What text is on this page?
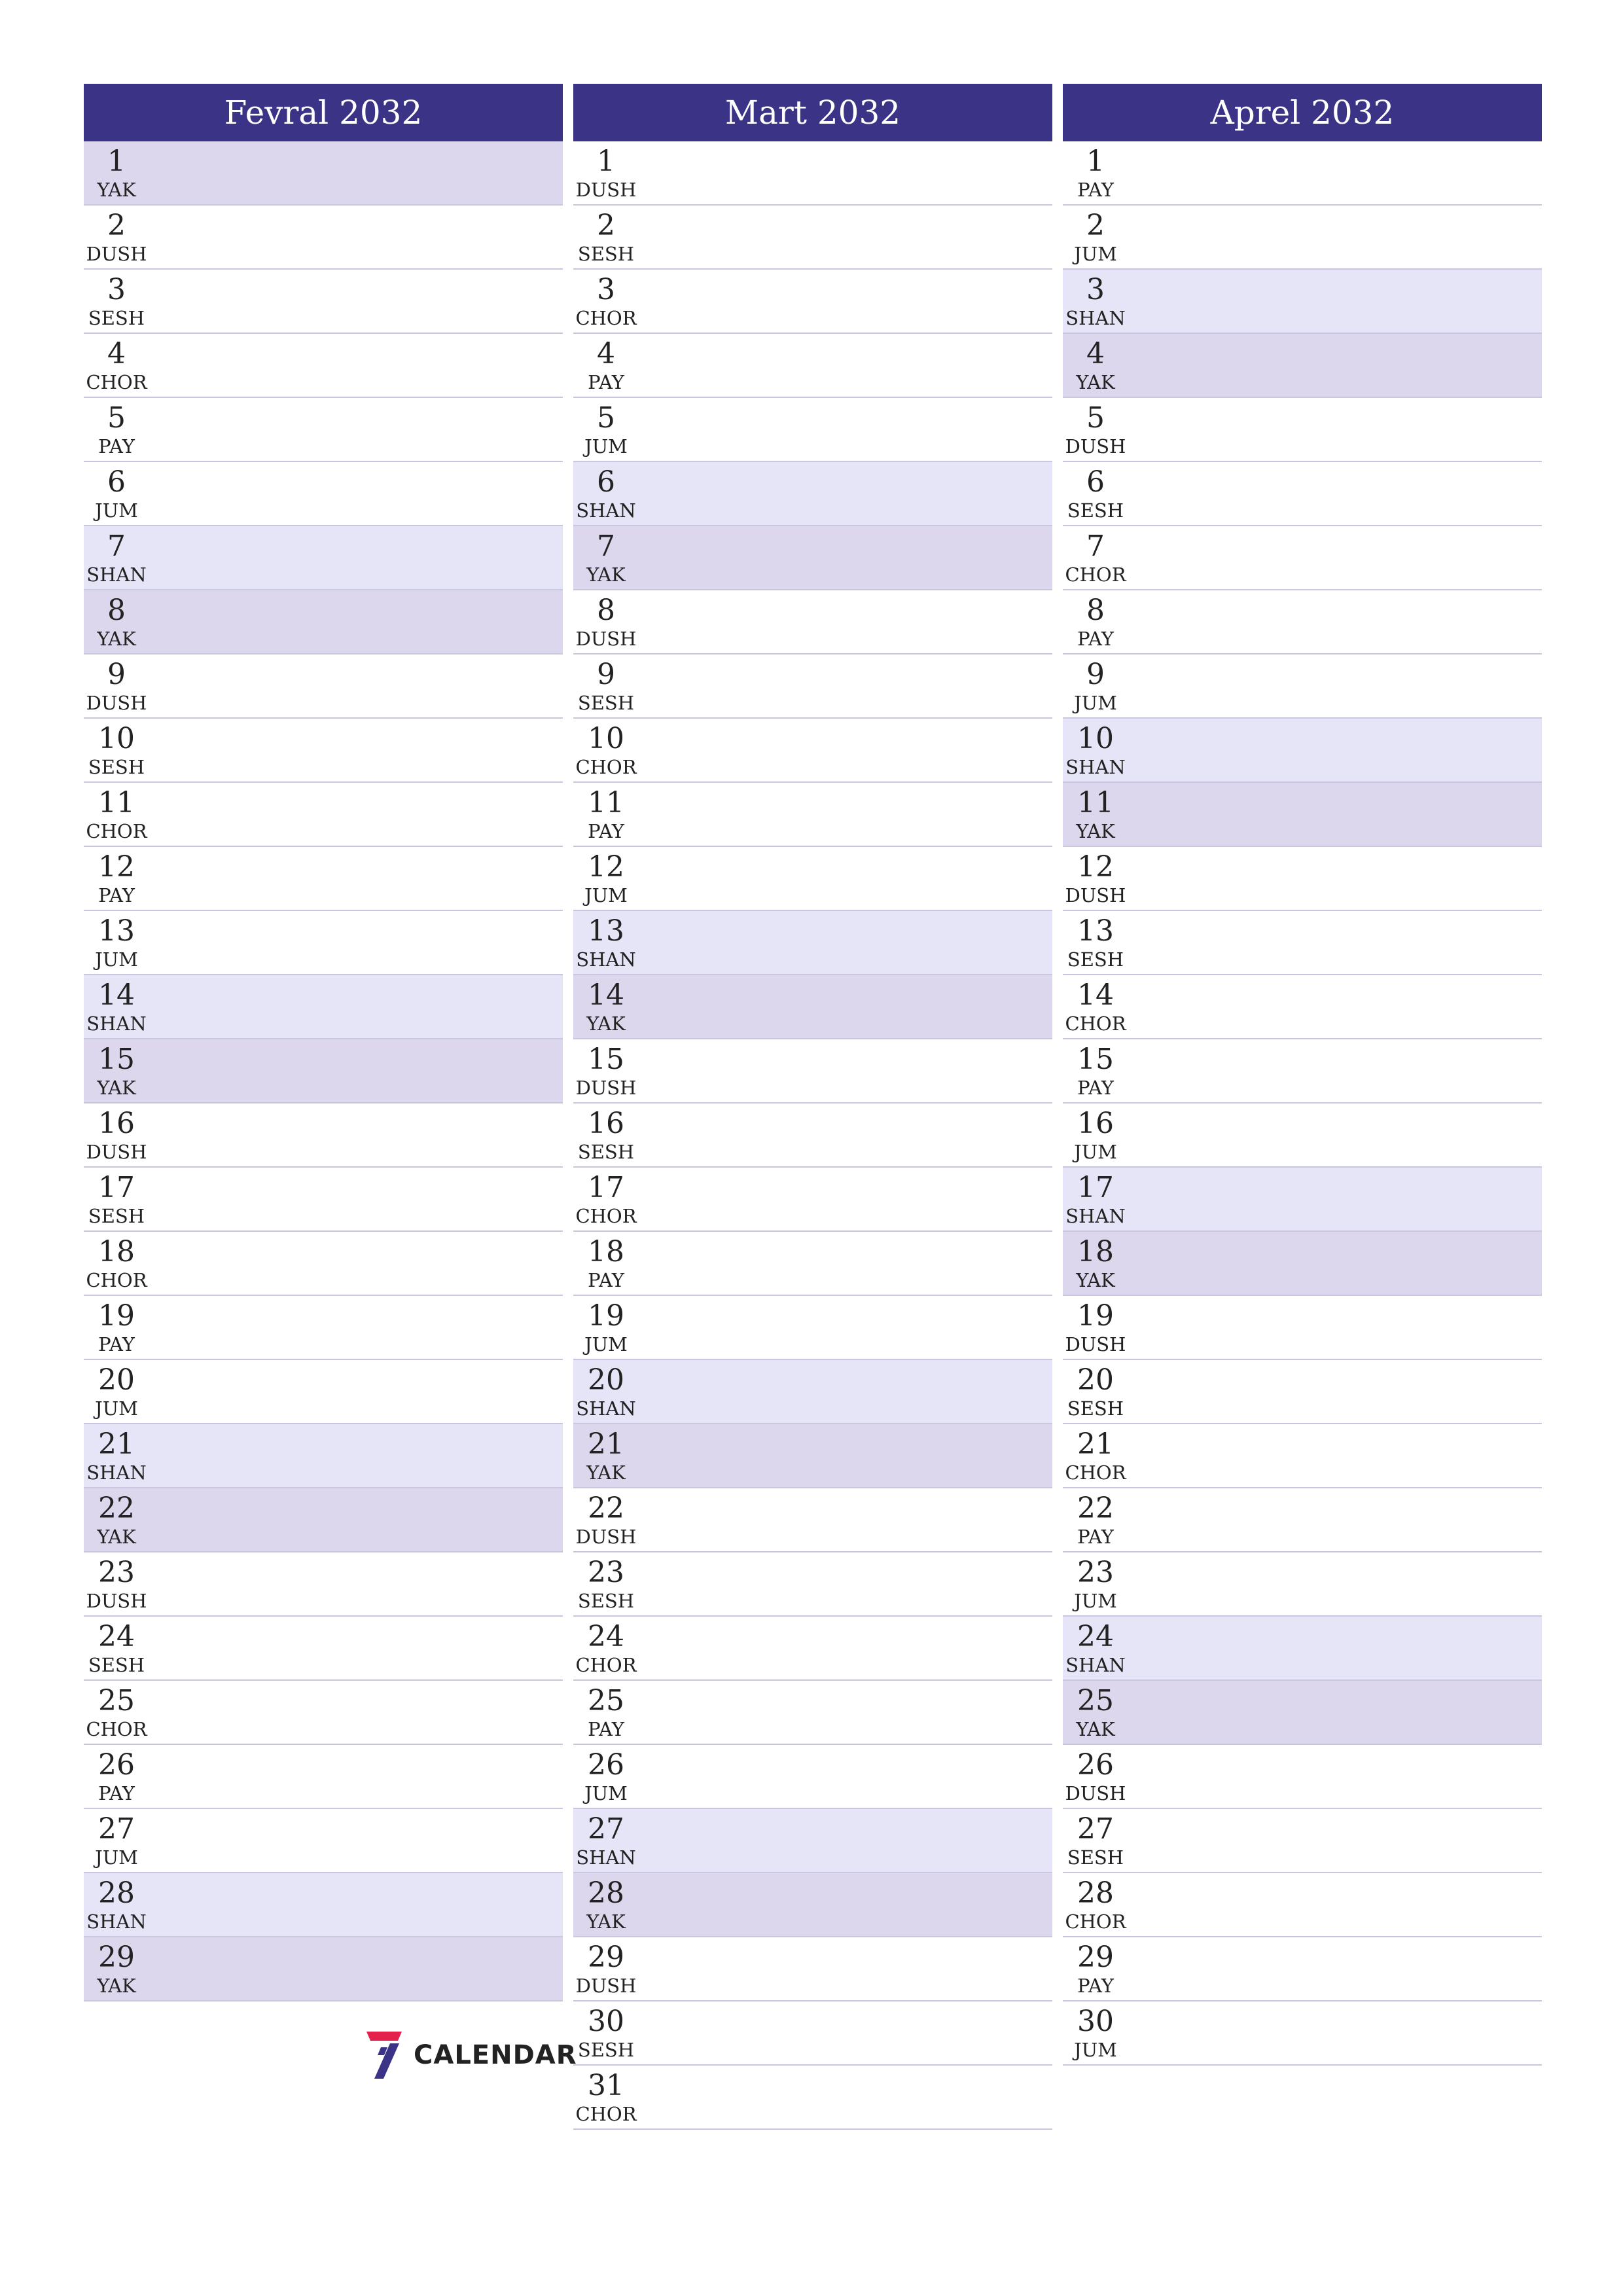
Fevral 2032
1
YAK
2
DUSH
3
SESH
4
CHOR
5
PAY
6
JUM
7
SHAN
8
YAK
9
DUSH
10
SESH
11
CHOR
12
PAY
13
JUM
14
SHAN
15
YAK
16
DUSH
17
SESH
18
CHOR
19
PAY
20
JUM
21
SHAN
22
YAK
23
DUSH
24
SESH
25
CHOR
26
PAY
27
JUM
28
SHAN
29
YAK
Mart 2032
1
DUSH
2
SESH
3
CHOR
4
PAY
5
JUM
6
SHAN
7
YAK
8
DUSH
9
SESH
10
CHOR
11
PAY
12
JUM
13
SHAN
14
YAK
15
DUSH
16
SESH
17
CHOR
18
PAY
19
JUM
20
SHAN
21
YAK
22
DUSH
23
SESH
24
CHOR
25
PAY
26
JUM
27
SHAN
28
YAK
29
DUSH
30
SESH
31
CHOR
Aprel 2032
1
PAY
2
JUM
3
SHAN
4
YAK
5
DUSH
6
SESH
7
CHOR
8
PAY
9
JUM
10
SHAN
11
YAK
12
DUSH
13
SESH
14
CHOR
15
PAY
16
JUM
17
SHAN
18
YAK
19
DUSH
20
SESH
21
CHOR
22
PAY
23
JUM
24
SHAN
25
YAK
26
DUSH
27
SESH
28
CHOR
29
PAY
30
JUM
CALENDAR
